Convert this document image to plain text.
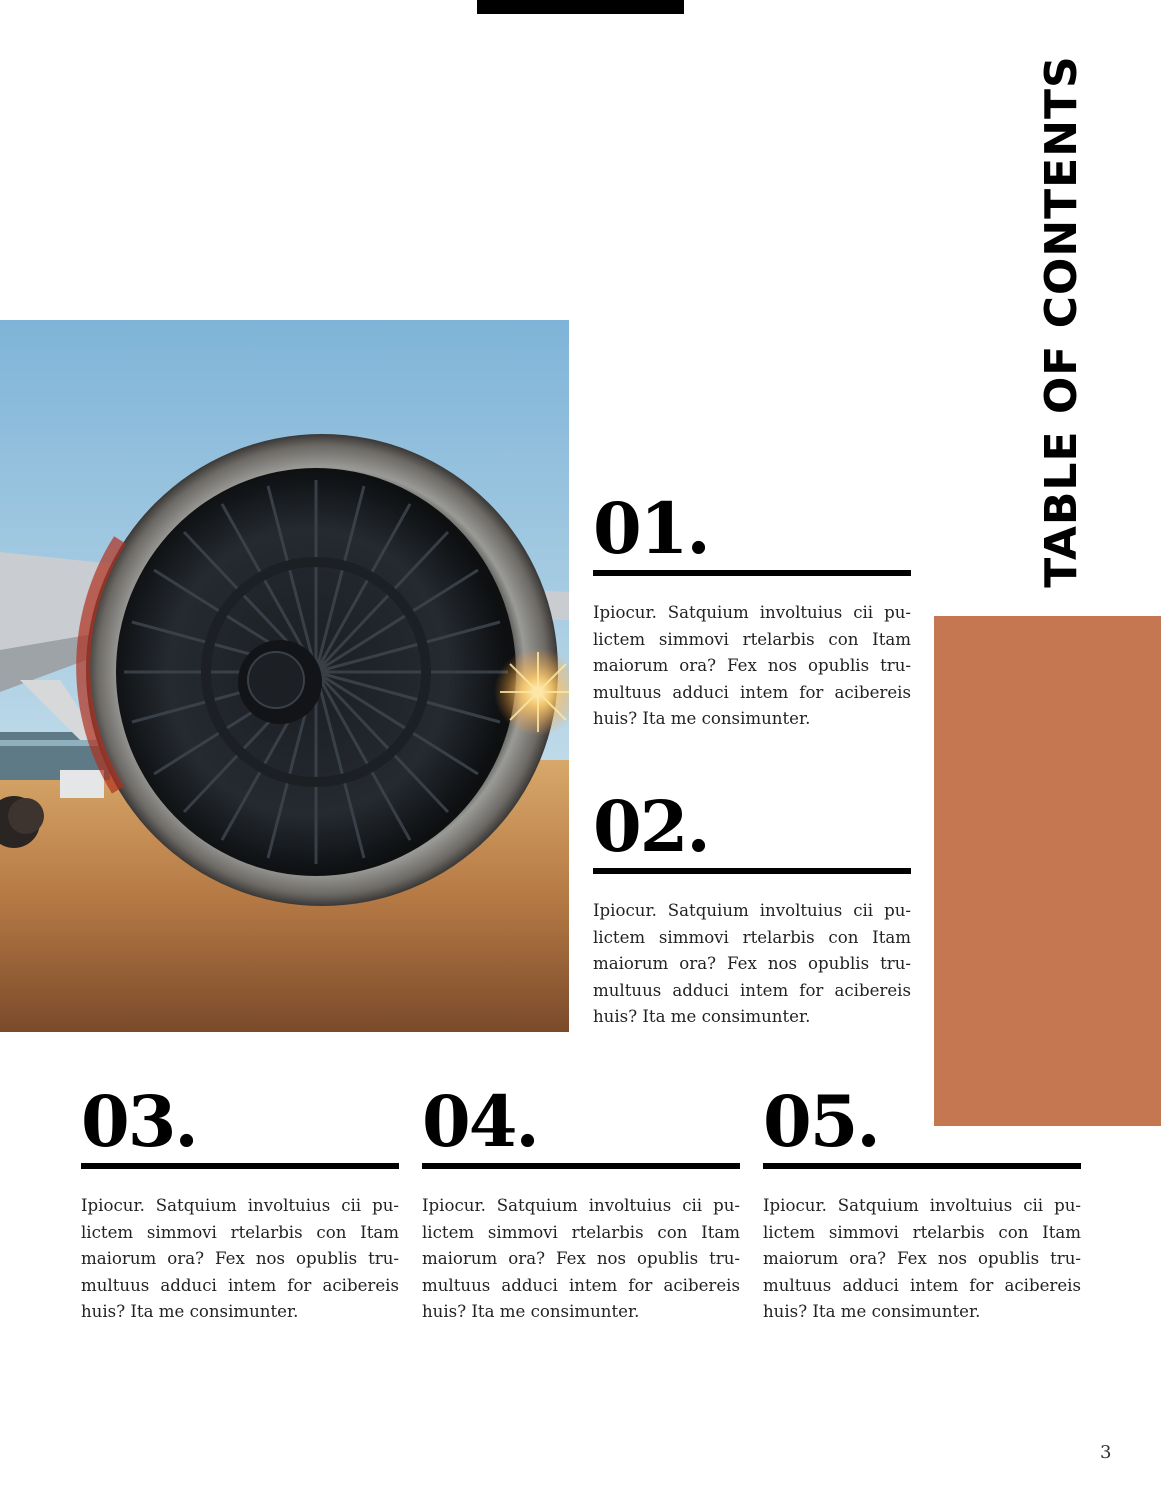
TABLE OF CONTENTS
01.
Ipiocur. Satquium involtuius cii pu-lictem simmovi rtelarbis con Itam maiorum ora? Fex nos opublis tru-multuus adduci intem for acibereis huis? Ita me consimunter.
02.
Ipiocur. Satquium involtuius cii pu-lictem simmovi rtelarbis con Itam maiorum ora? Fex nos opublis tru-multuus adduci intem for acibereis huis? Ita me consimunter.
03.
Ipiocur. Satquium involtuius cii pu-lictem simmovi rtelarbis con Itam maiorum ora? Fex nos opublis tru-multuus adduci intem for acibereis huis? Ita me consimunter.
04.
Ipiocur. Satquium involtuius cii pu-lictem simmovi rtelarbis con Itam maiorum ora? Fex nos opublis tru-multuus adduci intem for acibereis huis? Ita me consimunter.
05.
Ipiocur. Satquium involtuius cii pu-lictem simmovi rtelarbis con Itam maiorum ora? Fex nos opublis tru-multuus adduci intem for acibereis huis? Ita me consimunter.
3
